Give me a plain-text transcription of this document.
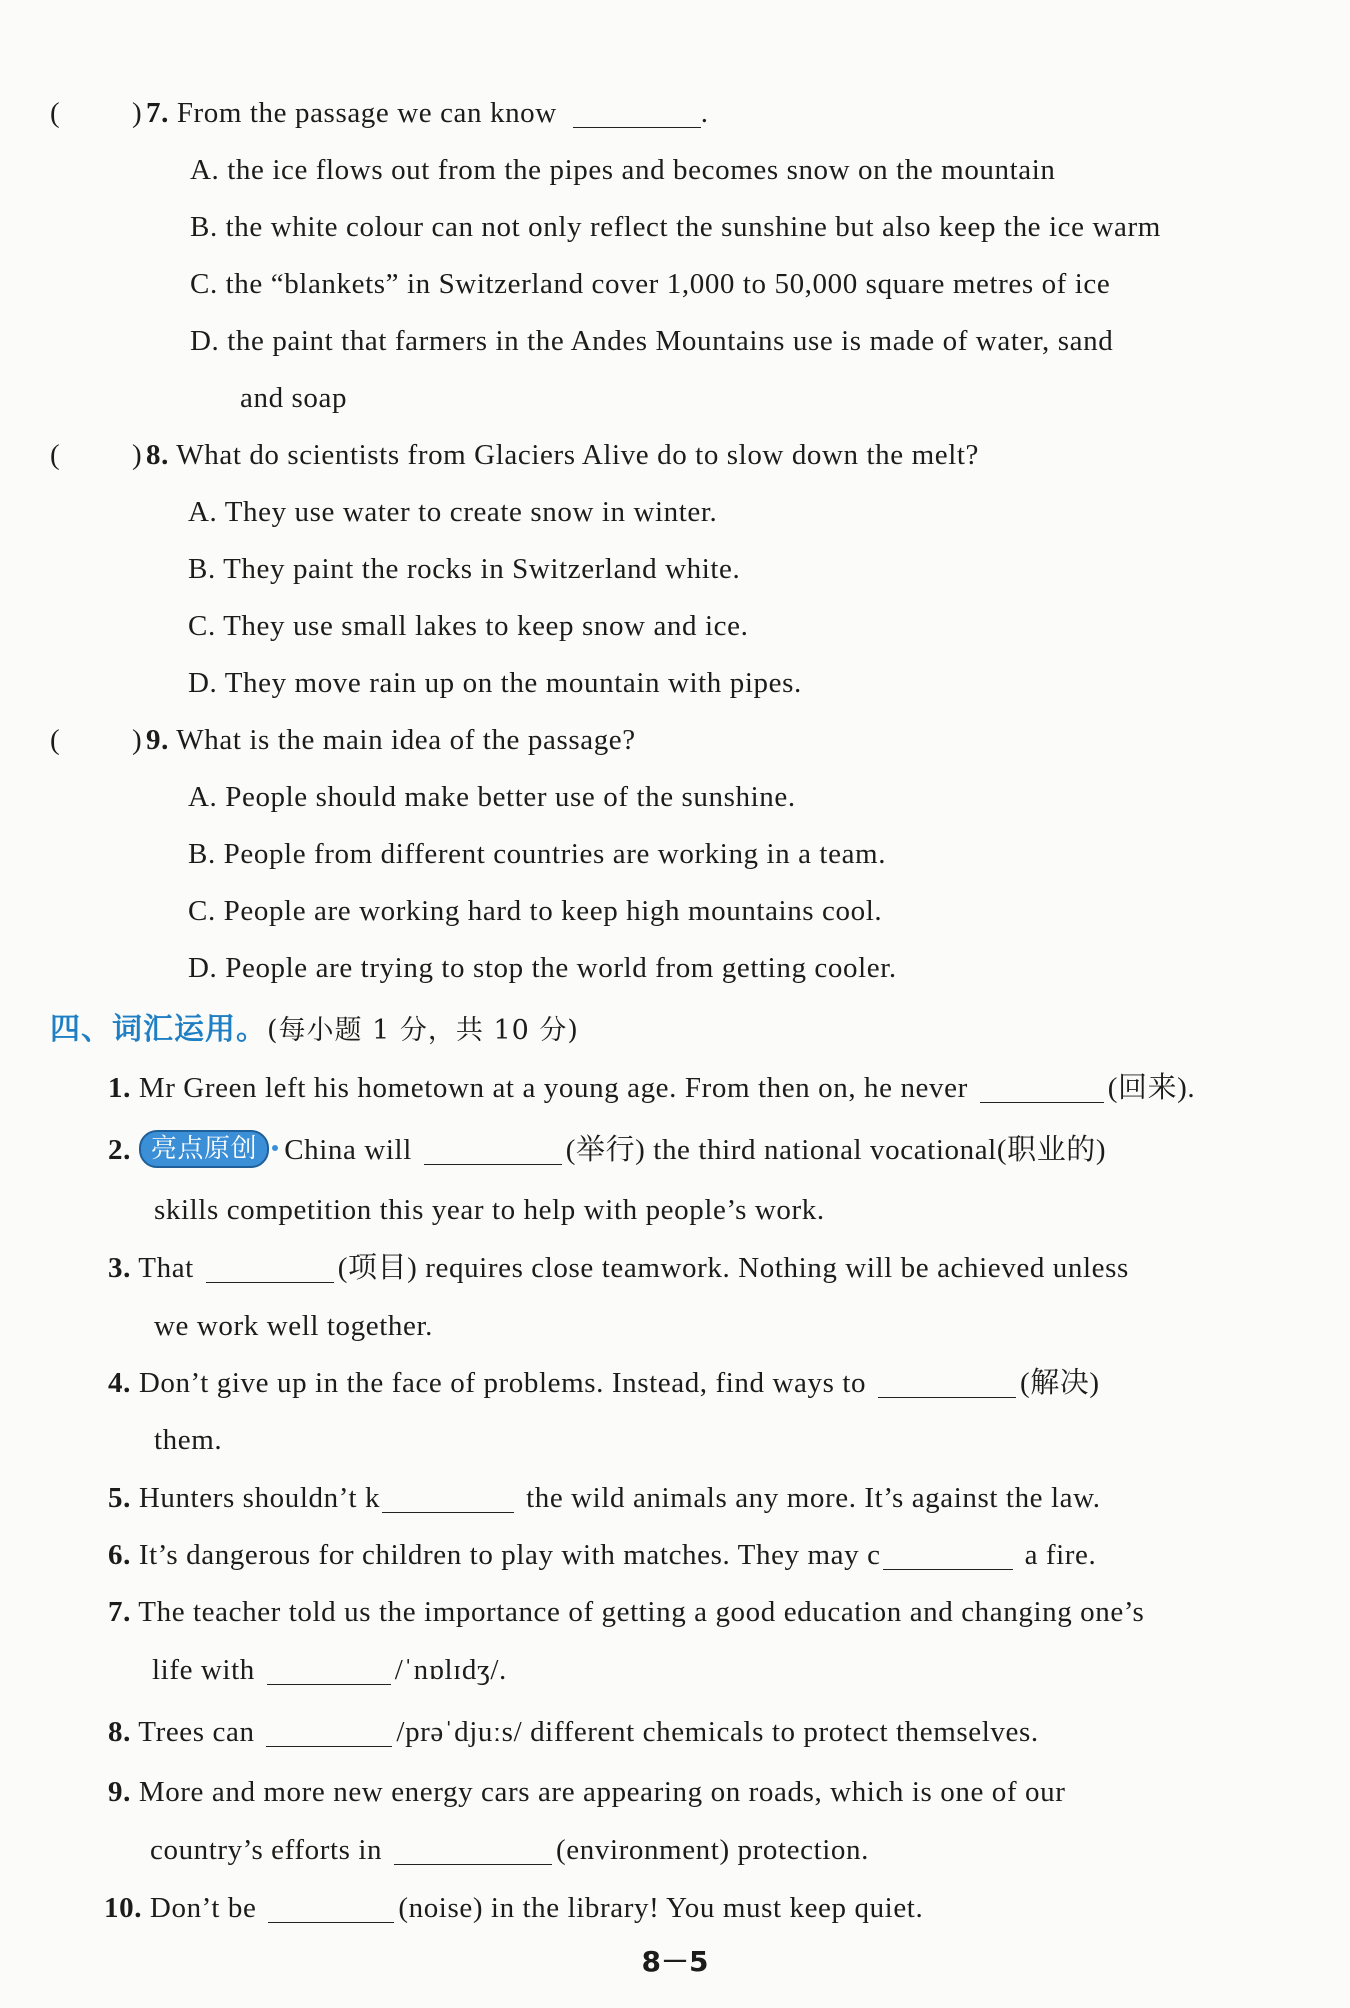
( ) 7. From the passage we can know	.
A. the ice flows out from the pipes and becomes snow on the mountain
B. the white colour can not only reflect the sunshine but also keep the ice warm
C. the “blankets” in Switzerland cover 1,000 to 50,000 square metres of ice
D. the paint that farmers in the Andes Mountains use is made of water, sand
and soap
( ) 8. What do scientists from Glaciers Alive do to slow down the melt?
A. They use water to create snow in winter.
B. They paint the rocks in Switzerland white.
C. They use small lakes to keep snow and ice.
D. They move rain up on the mountain with pipes.
( ) 9. What is the main idea of the passage?
A. People should make better use of the sunshine.
B. People from different countries are working in a team.
C. People are working hard to keep high mountains cool.
D. People are trying to stop the world from getting cooler.
四、词汇运用。(每小题 1 分，共 10 分)
1. Mr Green left his hometown at a young age. From then on, he never	(回来).
2. 亮点原创 China will	(举行) the third national vocational(职业的)
skills competition this year to help with people’s work.
3. That	(项目) requires close teamwork. Nothing will be achieved unless
we work well together.
4. Don’t give up in the face of problems. Instead, find ways to	(解决)
them.
5. Hunters shouldn’t k	the wild animals any more. It’s against the law.
6. It’s dangerous for children to play with matches. They may c	a fire.
7. The teacher told us the importance of getting a good education and changing one’s
life with	/ˈnɒlɪdʒ/.
8. Trees can	/prəˈdjuːs/ different chemicals to protect themselves.
9. More and more new energy cars are appearing on roads, which is one of our
country’s efforts in	(environment) protection.
10. Don’t be	(noise) in the library! You must keep quiet.
8－5
